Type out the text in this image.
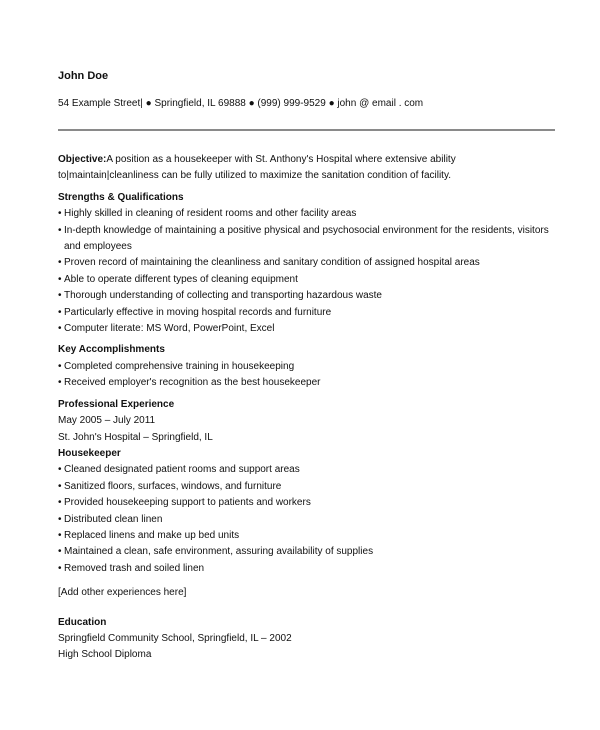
John Doe
54 Example Street| ● Springfield, IL 69888 ● (999) 999-9529 ● john @ email . com

Objective:A position as a housekeeper with St. Anthony's Hospital where extensive ability to|maintain|cleanliness can be fully utilized to maximize the sanitation condition of facility.

Strengths & Qualifications

• Highly skilled in cleaning of resident rooms and other facility areas
• In-depth knowledge of maintaining a positive physical and psychosocial environment for the residents, visitors and employees
• Proven record of maintaining the cleanliness and sanitary condition of assigned hospital areas
• Able to operate different types of cleaning equipment
• Thorough understanding of collecting and transporting hazardous waste
• Particularly effective in moving hospital records and furniture
• Computer literate: MS Word, PowerPoint, Excel

Key Accomplishments

• Completed comprehensive training in housekeeping
• Received employer's recognition as the best housekeeper

Professional Experience

May 2005 – July 2011

St. John's Hospital – Springfield, IL

Housekeeper

• Cleaned designated patient rooms and support areas
• Sanitized floors, surfaces, windows, and furniture
• Provided housekeeping support to patients and workers
• Distributed clean linen
• Replaced linens and make up bed units
• Maintained a clean, safe environment, assuring availability of supplies
• Removed trash and soiled linen

[Add other experiences here]

Education

Springfield Community School, Springfield, IL – 2002

High School Diploma
